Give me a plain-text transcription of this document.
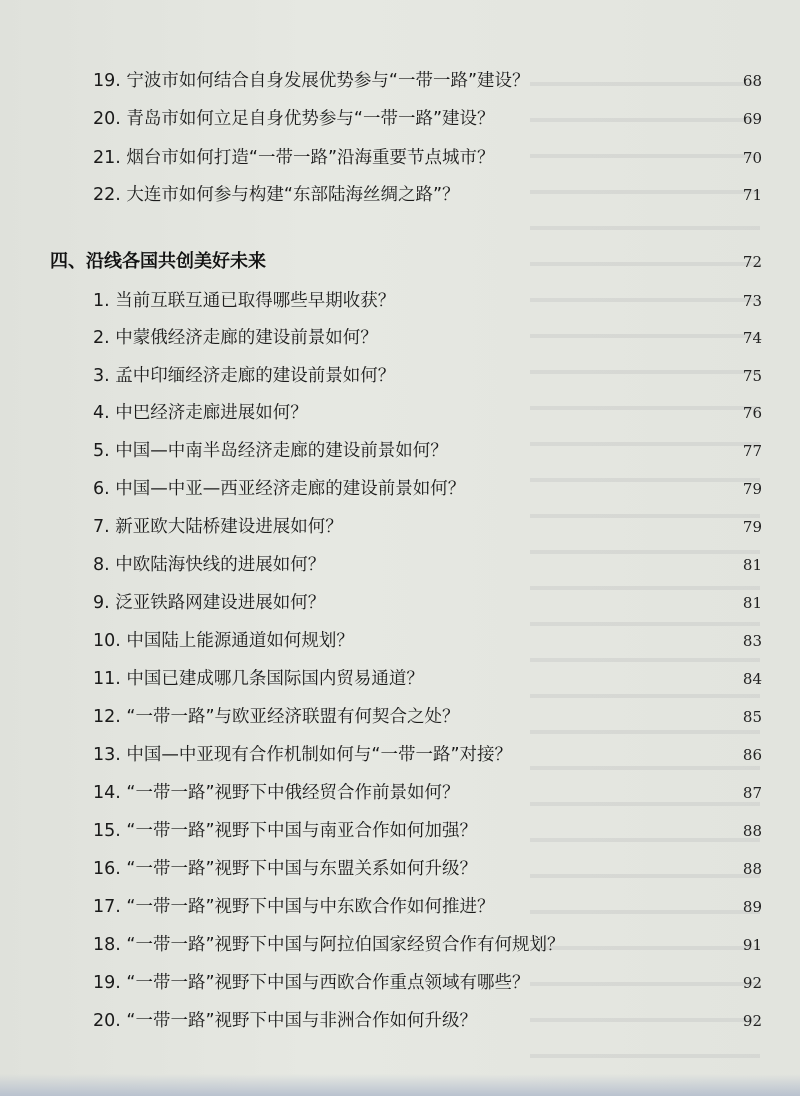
19. 宁波市如何结合自身发展优势参与“一带一路”建设？	68
20. 青岛市如何立足自身优势参与“一带一路”建设？	69
21. 烟台市如何打造“一带一路”沿海重要节点城市？	70
22. 大连市如何参与构建“东部陆海丝绸之路”？	71
四、沿线各国共创美好未来	72
1. 当前互联互通已取得哪些早期收获？	73
2. 中蒙俄经济走廊的建设前景如何？	74
3. 孟中印缅经济走廊的建设前景如何？	75
4. 中巴经济走廊进展如何？	76
5. 中国—中南半岛经济走廊的建设前景如何？	77
6. 中国—中亚—西亚经济走廊的建设前景如何？	79
7. 新亚欧大陆桥建设进展如何？	79
8. 中欧陆海快线的进展如何？	81
9. 泛亚铁路网建设进展如何？	81
10. 中国陆上能源通道如何规划？	83
11. 中国已建成哪几条国际国内贸易通道？	84
12. “一带一路”与欧亚经济联盟有何契合之处？	85
13. 中国—中亚现有合作机制如何与“一带一路”对接？	86
14. “一带一路”视野下中俄经贸合作前景如何？	87
15. “一带一路”视野下中国与南亚合作如何加强？	88
16. “一带一路”视野下中国与东盟关系如何升级？	88
17. “一带一路”视野下中国与中东欧合作如何推进？	89
18. “一带一路”视野下中国与阿拉伯国家经贸合作有何规划？	91
19. “一带一路”视野下中国与西欧合作重点领域有哪些？	92
20. “一带一路”视野下中国与非洲合作如何升级？	92
